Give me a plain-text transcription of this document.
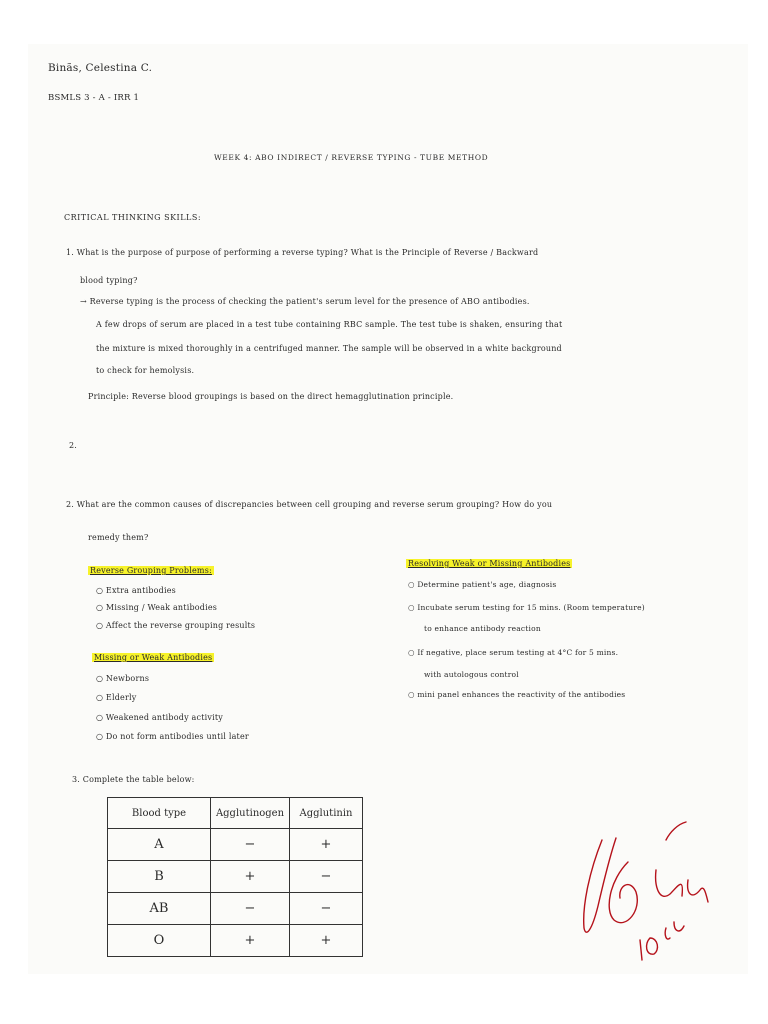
Binãs, Celestina C.
BSMLS 3 - A - IRR 1
WEEK 4: ABO INDIRECT / REVERSE TYPING - TUBE METHOD
CRITICAL THINKING SKILLS:
1. What is the purpose of purpose of performing a reverse typing? What is the Principle of Reverse / Backward
blood typing?
→ Reverse typing is the process of checking the patient's serum level for the presence of ABO antibodies.
A few drops of serum are placed in a test tube containing RBC sample. The test tube is shaken, ensuring that
the mixture is mixed thoroughly in a centrifuged manner. The sample will be observed in a white background
to check for hemolysis.
Principle: Reverse blood groupings is based on the direct hemagglutination principle.
2.
2. What are the common causes of discrepancies between cell grouping and reverse serum grouping? How do you
remedy them?
Reverse Grouping Problems:
○ Extra antibodies
○ Missing / Weak antibodies
○ Affect the reverse grouping results
Missing or Weak Antibodies
○ Newborns
○ Elderly
○ Weakened antibody activity
○ Do not form antibodies until later
Resolving Weak or Missing Antibodies
○ Determine patient's age, diagnosis
○ Incubate serum testing for 15 mins. (Room temperature)
to enhance antibody reaction
○ If negative, place serum testing at 4°C for 5 mins.
with autologous control
○ mini panel enhances the reactivity of the antibodies
3. Complete the table below:
Blood type	Agglutinogen	Agglutinin
A	−	+
B	+	−
AB	−	−
O	+	+
